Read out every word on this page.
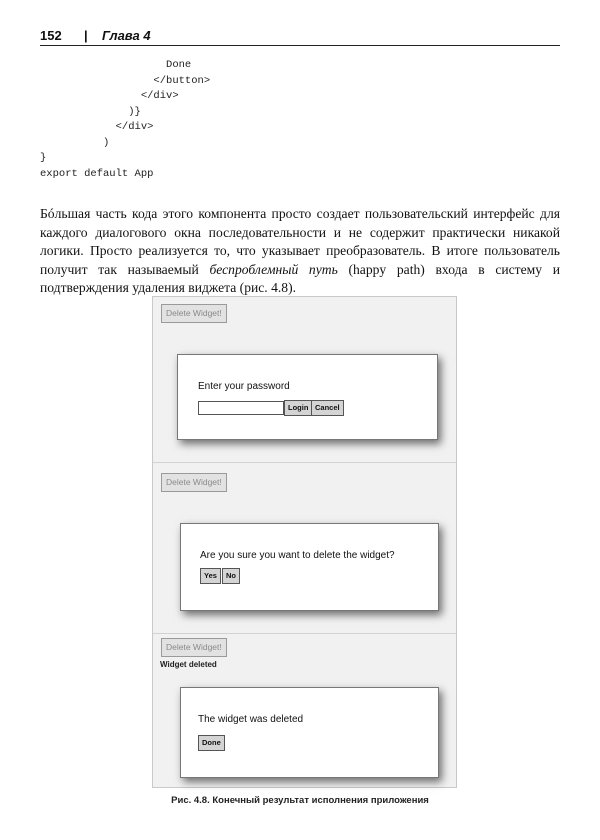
152 | Глава 4
Done
</button>
</div>
)}
</div>
)
}
export default App

Бóльшая часть кода этого компонента просто создает пользовательский интерфейс для каждого диалогового окна последовательности и не содержит практически никакой логики. Просто реализуется то, что указывает преобразователь. В итоге пользователь получит так называемый беспроблемный путь (happy path) входа в систему и подтверждения удаления виджета (рис. 4.8).

Delete Widget!
Enter your password
Login Cancel
Delete Widget!
Are you sure you want to delete the widget?
Yes	No
Delete Widget!
The widget was deleted
Done
Widget deleted
Рис. 4.8. Конечный результат исполнения приложения
